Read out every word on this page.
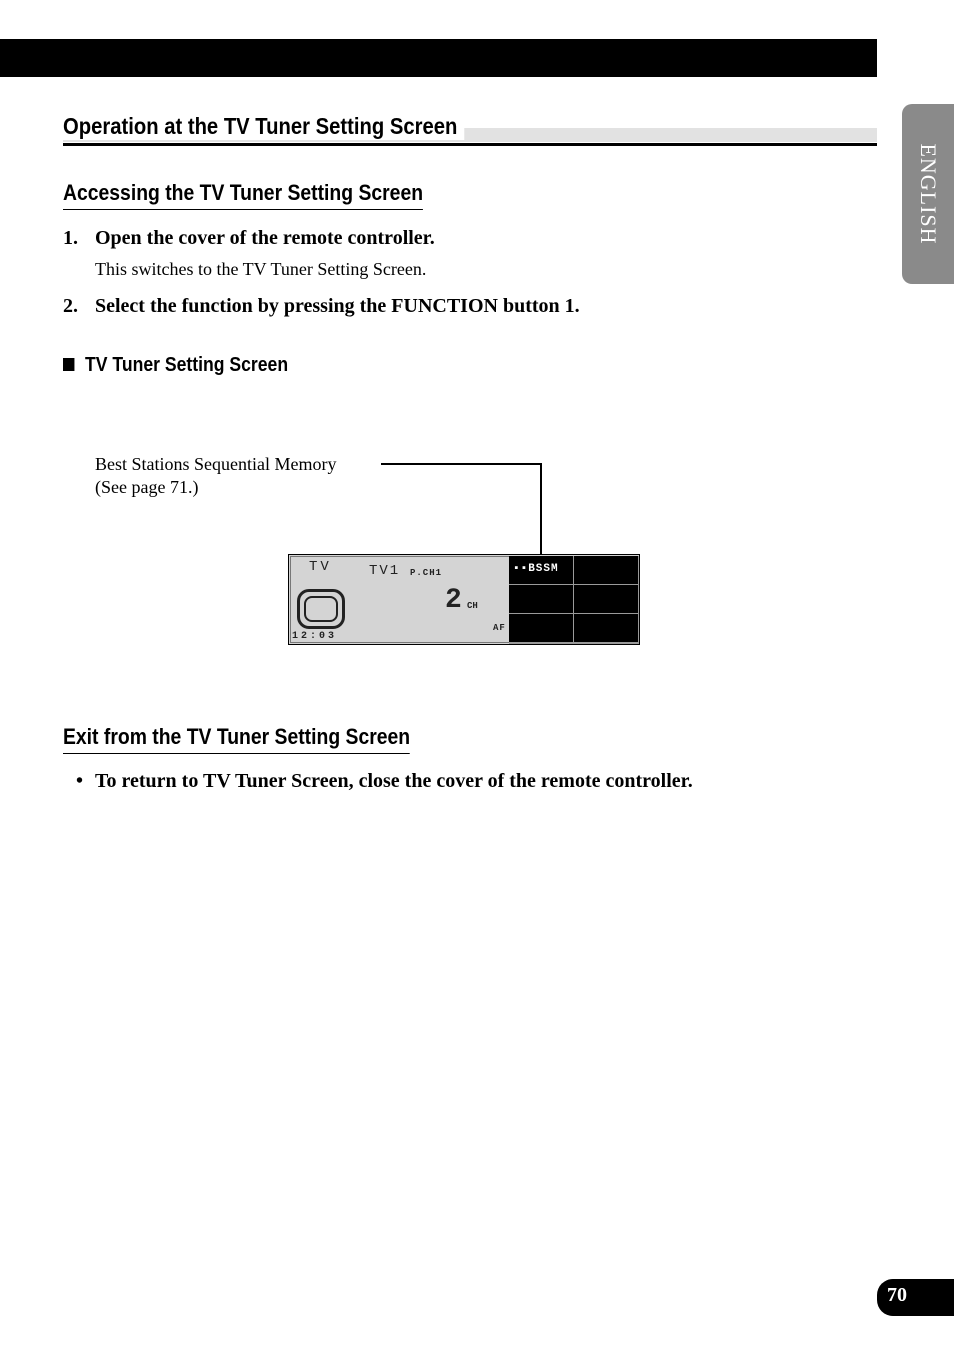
ENGLISH
Operation at the TV Tuner Setting Screen
Accessing the TV Tuner Setting Screen
1. Open the cover of the remote controller.
This switches to the TV Tuner Setting Screen.
2. Select the function by pressing the FUNCTION button 1.
TV Tuner Setting Screen
Best Stations Sequential Memory
(See page 71.)
TV	TV1 P.CH1
2 CH
AF
12:03
▪▪BSSM
Exit from the TV Tuner Setting Screen
• To return to TV Tuner Screen, close the cover of the remote controller.
70
